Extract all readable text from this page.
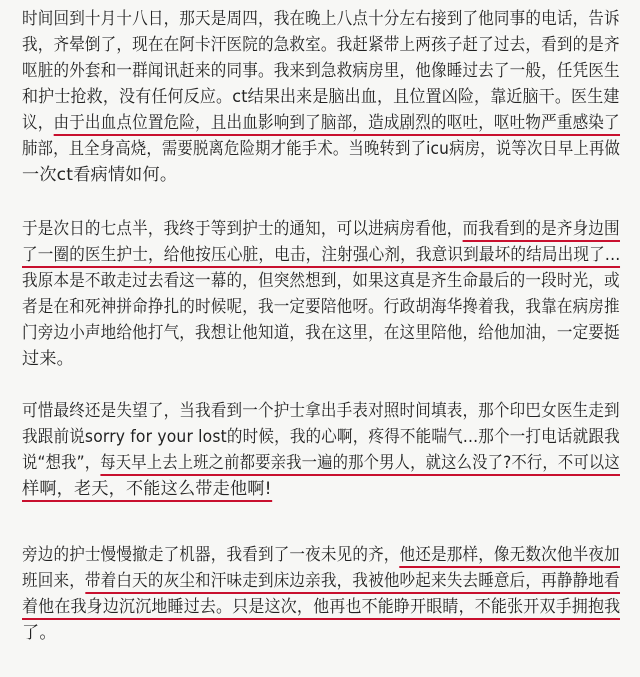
时间回到十月十八日，那天是周四，我在晚上八点十分左右接到了他同事的电话，告诉
我，齐晕倒了，现在在阿卡汗医院的急救室。我赶紧带上两孩子赶了过去，看到的是齐
呕脏的外套和一群闻讯赶来的同事。我来到急救病房里，他像睡过去了一般，任凭医生
和护士抢救，没有任何反应。ct结果出来是脑出血，且位置凶险，靠近脑干。医生建
议，由于出血点位置危险，且出血影响到了脑部，造成剧烈的呕吐，呕吐物严重感染了
肺部，且全身高烧，需要脱离危险期才能手术。当晚转到了icu病房，说等次日早上再做
一次ct看病情如何。
于是次日的七点半，我终于等到护士的通知，可以进病房看他，而我看到的是齐身边围
了一圈的医生护士，给他按压心脏，电击，注射强心剂，我意识到最坏的结局出现了...
我原本是不敢走过去看这一幕的，但突然想到，如果这真是齐生命最后的一段时光，或
者是在和死神拼命挣扎的时候呢，我一定要陪他呀。行政胡海华搀着我，我靠在病房推
门旁边小声地给他打气，我想让他知道，我在这里，在这里陪他，给他加油，一定要挺
过来。
可惜最终还是失望了，当我看到一个护士拿出手表对照时间填表，那个印巴女医生走到
我跟前说sorry for your lost的时候，我的心啊，疼得不能喘气...那个一打电话就跟我
说“想我”，每天早上去上班之前都要亲我一遍的那个男人，就这么没了?不行，不可以这
样啊，老天，不能这么带走他啊!
旁边的护士慢慢撤走了机器，我看到了一夜未见的齐，他还是那样，像无数次他半夜加
班回来，带着白天的灰尘和汗味走到床边亲我，我被他吵起来失去睡意后，再静静地看
着他在我身边沉沉地睡过去。只是这次，他再也不能睁开眼睛，不能张开双手拥抱我
了。
